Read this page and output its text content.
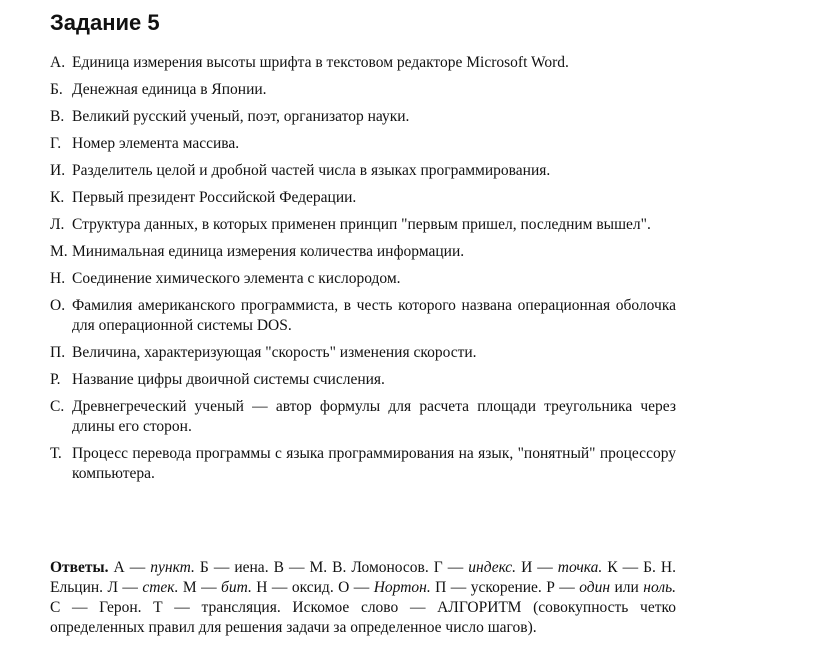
Задание 5
А. Единица измерения высоты шрифта в текстовом редакторе Microsoft Word.
Б. Денежная единица в Японии.
В. Великий русский ученый, поэт, организатор науки.
Г. Номер элемента массива.
И. Разделитель целой и дробной частей числа в языках программирования.
К. Первый президент Российской Федерации.
Л. Структура данных, в которых применен принцип "первым пришел, последним вышел".
М. Минимальная единица измерения количества информации.
Н. Соединение химического элемента с кислородом.
О. Фамилия американского программиста, в честь которого названа операционная оболочка для операционной системы DOS.
П. Величина, характеризующая "скорость" изменения скорости.
Р. Название цифры двоичной системы счисления.
С. Древнегреческий ученый — автор формулы для расчета площади треугольника через длины его сторон.
Т. Процесс перевода программы с языка программирования на язык, "понятный" процессору компьютера.

Ответы. А — пункт. Б — иена. В — М. В. Ломоносов. Г — индекс. И — точка. К — Б. Н. Ельцин. Л — стек. М — бит. Н — оксид. О — Нортон. П — ускорение. Р — один или ноль. С — Герон. Т — трансляция. Искомое слово — АЛГОРИТМ (совокупность четко определенных правил для решения задачи за определенное число шагов).
